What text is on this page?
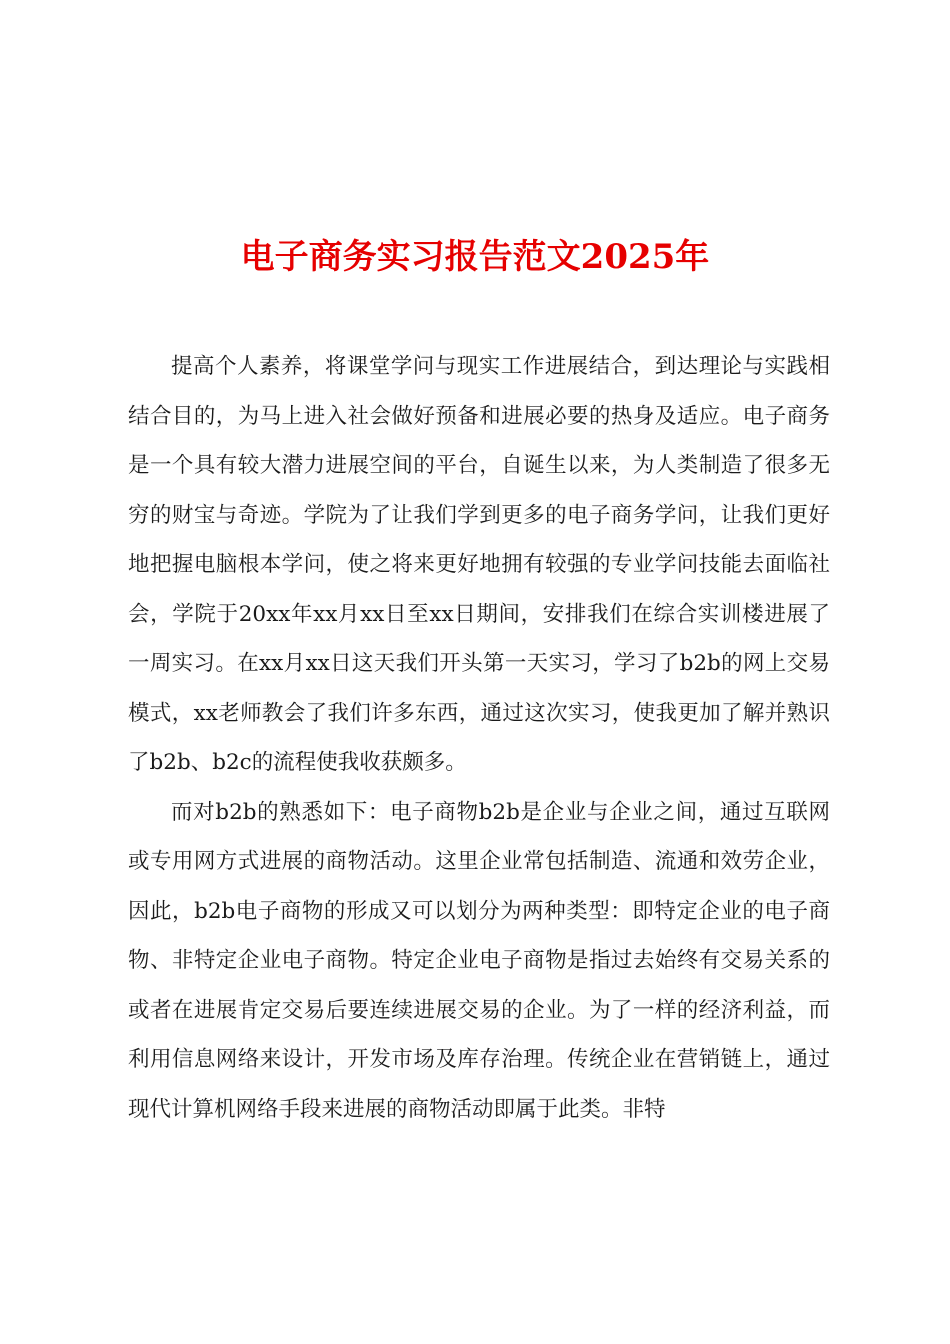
电子商务实习报告范文2025年

提高个人素养，将课堂学问与现实工作进展结合，到达理论与实践相结合目的，为马上进入社会做好预备和进展必要的热身及适应。电子商务是一个具有较大潜力进展空间的平台，自诞生以来，为人类制造了很多无穷的财宝与奇迹。学院为了让我们学到更多的电子商务学问，让我们更好地把握电脑根本学问，使之将来更好地拥有较强的专业学问技能去面临社会，学院于20xx年xx月xx日至xx日期间，安排我们在综合实训楼进展了一周实习。在xx月xx日这天我们开头第一天实习，学习了b2b的网上交易模式，xx老师教会了我们许多东西，通过这次实习，使我更加了解并熟识了b2b、b2c的流程使我收获颇多。

而对b2b的熟悉如下：电子商物b2b是企业与企业之间，通过互联网或专用网方式进展的商物活动。这里企业常包括制造、流通和效劳企业，因此，b2b电子商物的形成又可以划分为两种类型：即特定企业的电子商物、非特定企业电子商物。特定企业电子商物是指过去始终有交易关系的或者在进展肯定交易后要连续进展交易的企业。为了一样的经济利益，而利用信息网络来设计，开发市场及库存治理。传统企业在营销链上，通过现代计算机网络手段来进展的商物活动即属于此类。非特
